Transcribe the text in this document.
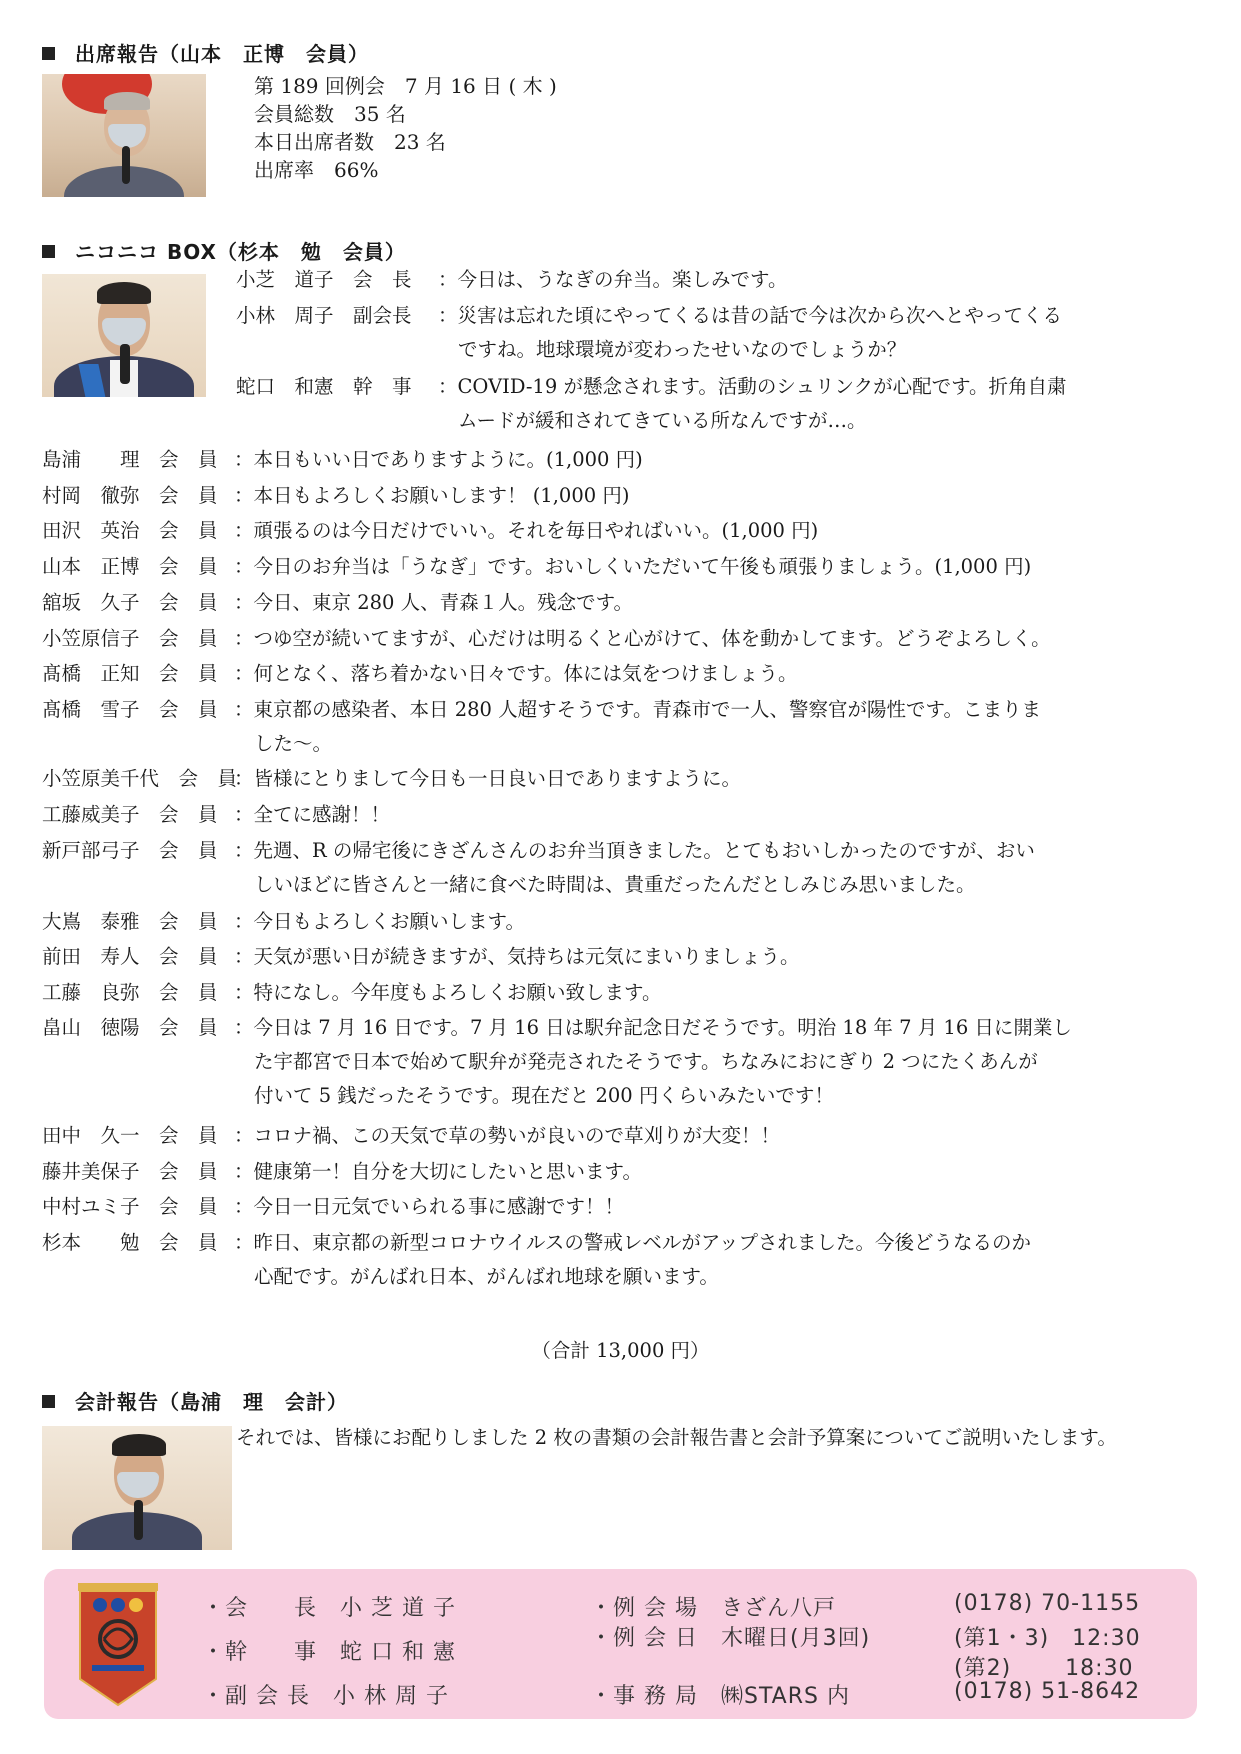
出席報告（山本　正博　会員）
第 189 回例会　7 月 16 日 ( 木 )
会員総数　35 名
本日出席者数　23 名
出席率　66%
ニコニコ BOX（杉本　勉　会員）
小芝　道子　会　長 ：今日は、うなぎの弁当。楽しみです。
小林　周子　副会長 ：災害は忘れた頃にやってくるは昔の話で今は次から次へとやってくる
ですね。地球環境が変わったせいなのでしょうか？
蛇口　和憲　幹　事 ：COVID-19 が懸念されます。活動のシュリンクが心配です。折角自粛
ムードが緩和されてきている所なんですが…。
島浦　　理　会　員 ：本日もいい日でありますように。(1,000 円)
村岡　徹弥　会　員 ：本日もよろしくお願いします！ (1,000 円)
田沢　英治　会　員 ：頑張るのは今日だけでいい。それを毎日やればいい。(1,000 円)
山本　正博　会　員 ：今日のお弁当は「うなぎ」です。おいしくいただいて午後も頑張りましょう。(1,000 円)
舘坂　久子　会　員 ：今日、東京 280 人、青森１人。残念です。
小笠原信子　会　員 ：つゆ空が続いてますが、心だけは明るくと心がけて、体を動かしてます。どうぞよろしく。
髙橋　正知　会　員 ：何となく、落ち着かない日々です。体には気をつけましょう。
髙橋　雪子　会　員 ：東京都の感染者、本日 280 人超すそうです。青森市で一人、警察官が陽性です。こまりま
した〜。
小笠原美千代　会　員
：皆様にとりまして今日も一日良い日でありますように。
工藤威美子　会　員 ：全てに感謝！！
新戸部弓子　会　員 ：先週、R の帰宅後にきざんさんのお弁当頂きました。とてもおいしかったのですが、おい
しいほどに皆さんと一緒に食べた時間は、貴重だったんだとしみじみ思いました。
大嶌　泰雅　会　員 ：今日もよろしくお願いします。
前田　寿人　会　員 ：天気が悪い日が続きますが、気持ちは元気にまいりましょう。
工藤　良弥　会　員 ：特になし。今年度もよろしくお願い致します。
畠山　徳陽　会　員 ：今日は 7 月 16 日です。7 月 16 日は駅弁記念日だそうです。明治 18 年 7 月 16 日に開業し
た宇都宮で日本で始めて駅弁が発売されたそうです。ちなみにおにぎり 2 つにたくあんが
付いて 5 銭だったそうです。現在だと 200 円くらいみたいです！
田中　久一　会　員 ：コロナ禍、この天気で草の勢いが良いので草刈りが大変！！
藤井美保子　会　員 ：健康第一！自分を大切にしたいと思います。
中村ユミ子　会　員 ：今日一日元気でいられる事に感謝です！！
杉本　　勉　会　員 ：昨日、東京都の新型コロナウイルスの警戒レベルがアップされました。今後どうなるのか
心配です。がんばれ日本、がんばれ地球を願います。
（合計 13,000 円）
会計報告（島浦　理　会計）
それでは、皆様にお配りしました 2 枚の書類の会計報告書と会計予算案についてご説明いたします。
・会　　長　小 芝 道 子
・幹　　事　蛇 口 和 憲
・副 会 長　小 林 周 子
・例 会 場　きざん八戸
・例 会 日　木曜日(月3回)
・事 務 局　㈱STARS 内
(0178) 70-1155
(第1・3)　12:30
(第2)　　 18:30
(0178) 51-8642
